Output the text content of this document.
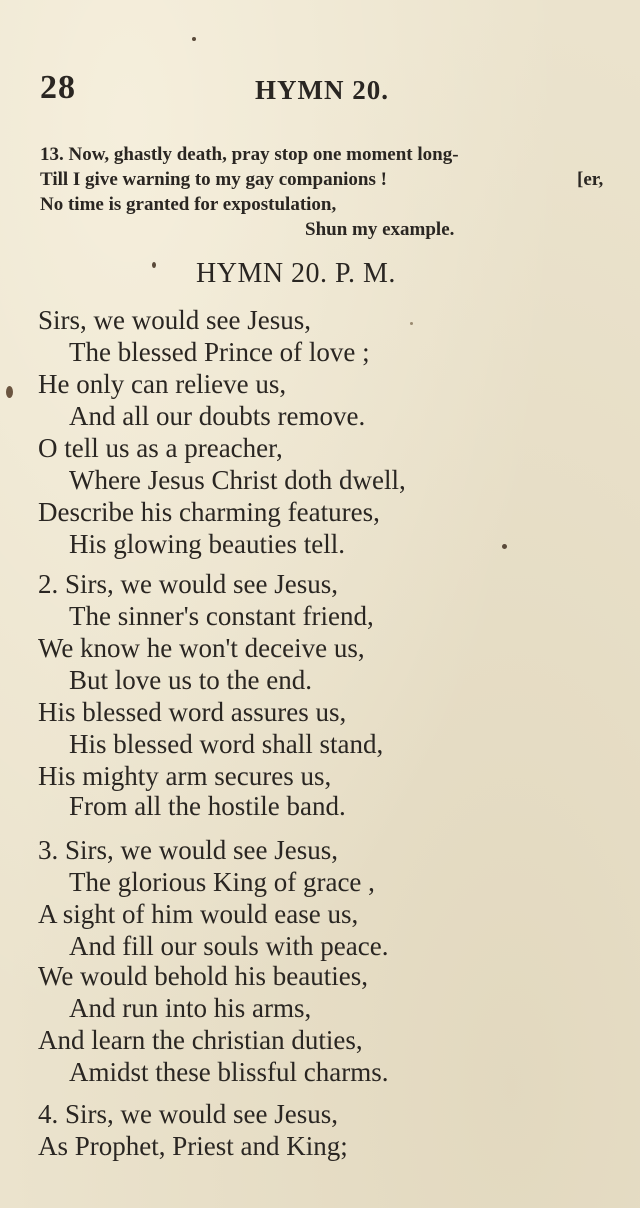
28	HYMN 20.
13. Now, ghastly death, pray stop one moment long-
Till I give warning to my gay companions !	[er,
No time is granted for expostulation,
Shun my example.
HYMN 20. P. M.
Sirs, we would see Jesus,
The blessed Prince of love ;
He only can relieve us,
And all our doubts remove.
O tell us as a preacher,
Where Jesus Christ doth dwell,
Describe his charming features,
His glowing beauties tell.
2. Sirs, we would see Jesus,
The sinner's constant friend,
We know he won't deceive us,
But love us to the end.
His blessed word assures us,
His blessed word shall stand,
His mighty arm secures us,
From all the hostile band.
3. Sirs, we would see Jesus,
The glorious King of grace ,
A sight of him would ease us,
And fill our souls with peace.
We would behold his beauties,
And run into his arms,
And learn the christian duties,
Amidst these blissful charms.
4. Sirs, we would see Jesus,
As Prophet, Priest and King;
